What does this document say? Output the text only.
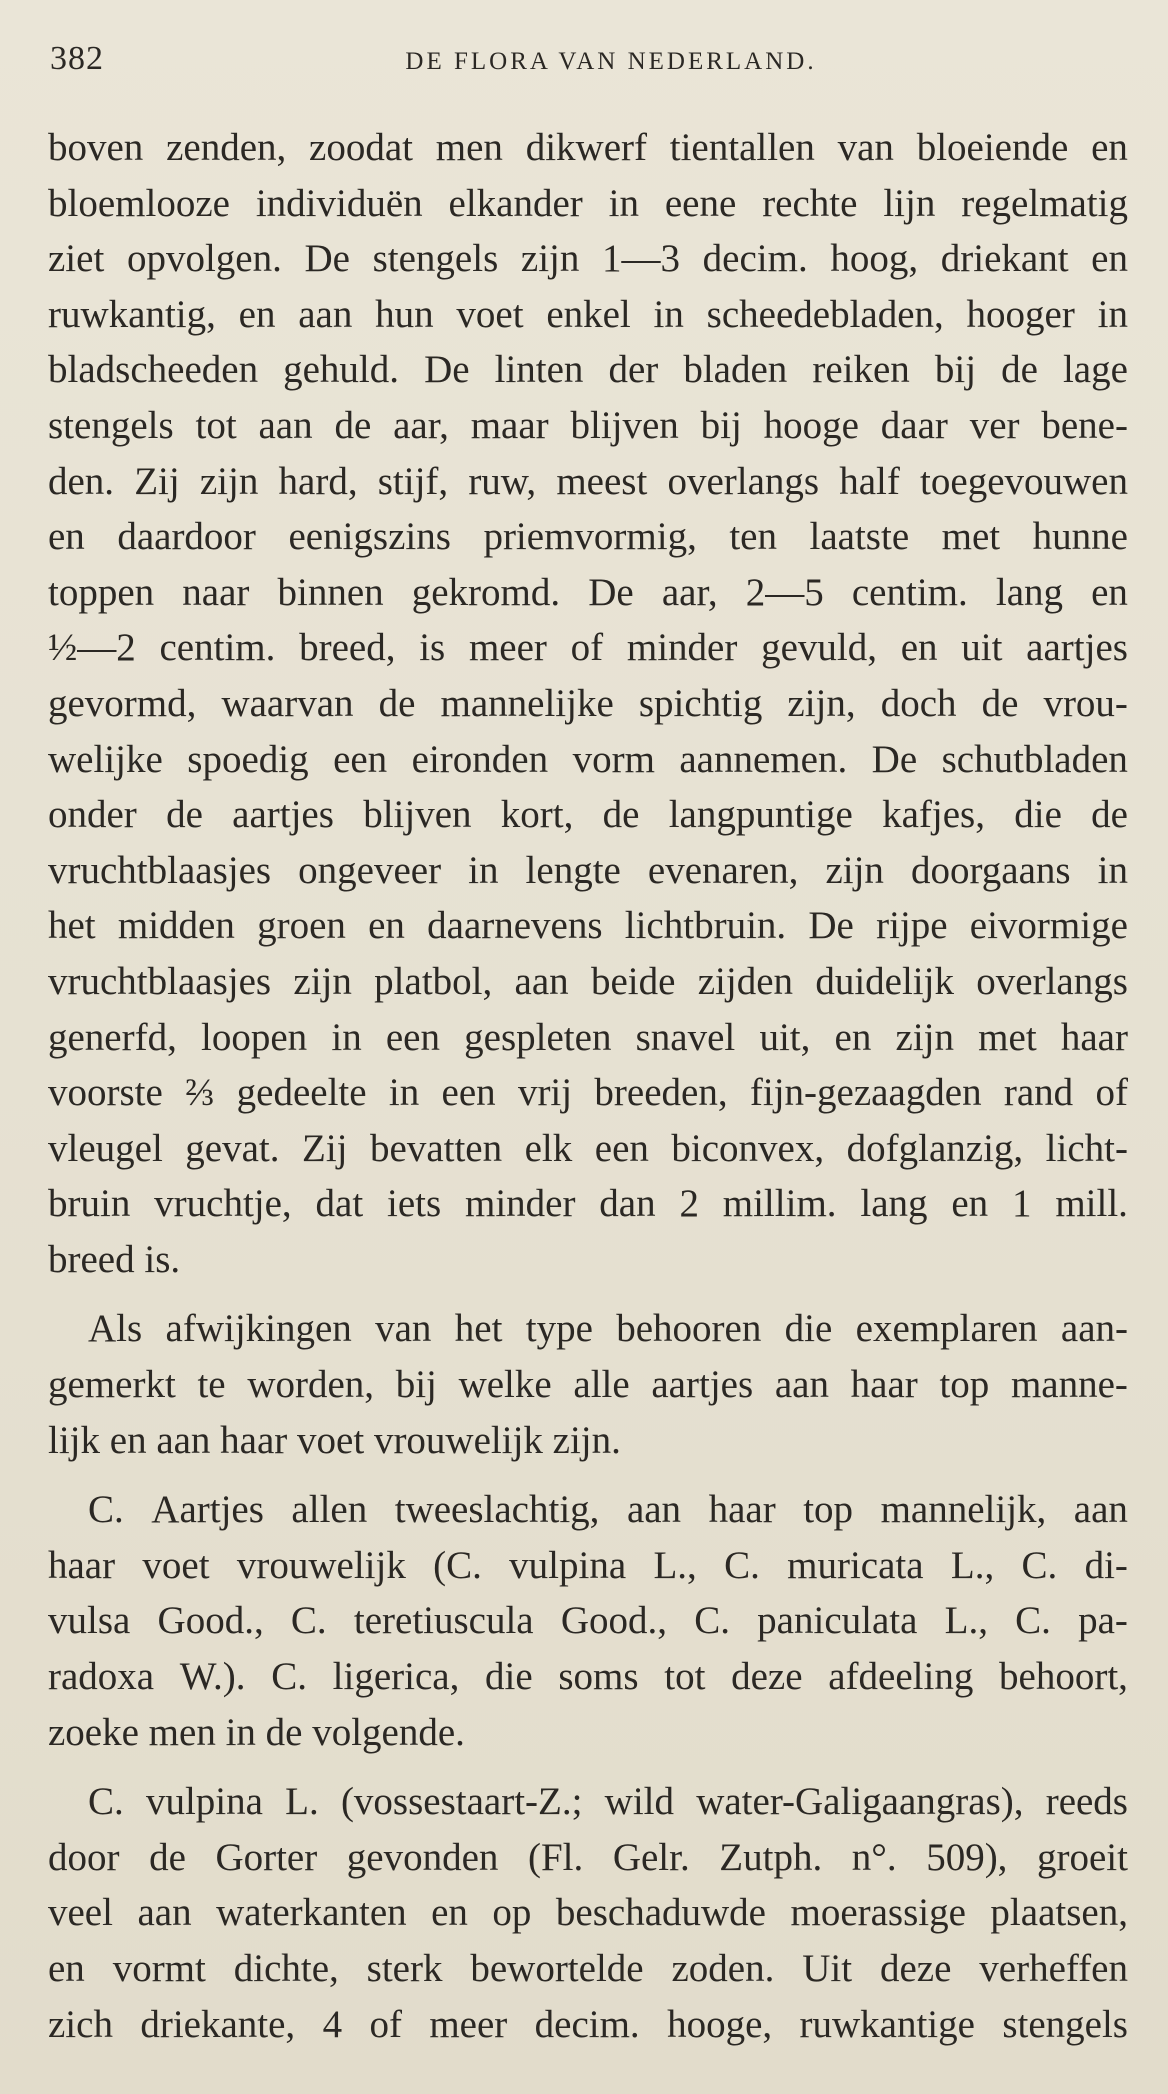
382	DE FLORA VAN NEDERLAND.
boven zenden, zoodat men dikwerf tientallen van bloeiende en
bloemlooze individuën elkander in eene rechte lijn regelmatig
ziet opvolgen. De stengels zijn 1—3 decim. hoog, driekant en
ruwkantig, en aan hun voet enkel in scheedebladen, hooger in
bladscheeden gehuld. De linten der bladen reiken bij de lage
stengels tot aan de aar, maar blijven bij hooge daar ver bene-
den. Zij zijn hard, stijf, ruw, meest overlangs half toegevouwen
en daardoor eenigszins priemvormig, ten laatste met hunne
toppen naar binnen gekromd. De aar, 2—5 centim. lang en
½—2 centim. breed, is meer of minder gevuld, en uit aartjes
gevormd, waarvan de mannelijke spichtig zijn, doch de vrou-
welijke spoedig een eironden vorm aannemen. De schutbladen
onder de aartjes blijven kort, de langpuntige kafjes, die de
vruchtblaasjes ongeveer in lengte evenaren, zijn doorgaans in
het midden groen en daarnevens lichtbruin. De rijpe eivormige
vruchtblaasjes zijn platbol, aan beide zijden duidelijk overlangs
generfd, loopen in een gespleten snavel uit, en zijn met haar
voorste ⅔ gedeelte in een vrij breeden, fijn-gezaagden rand of
vleugel gevat. Zij bevatten elk een biconvex, dofglanzig, licht-
bruin vruchtje, dat iets minder dan 2 millim. lang en 1 mill.
breed is.
Als afwijkingen van het type behooren die exemplaren aan-
gemerkt te worden, bij welke alle aartjes aan haar top manne-
lijk en aan haar voet vrouwelijk zijn.
C. Aartjes allen tweeslachtig, aan haar top mannelijk, aan
haar voet vrouwelijk (C. vulpina L., C. muricata L., C. di-
vulsa Good., C. teretiuscula Good., C. paniculata L., C. pa-
radoxa W.). C. ligerica, die soms tot deze afdeeling behoort,
zoeke men in de volgende.
C. vulpina L. (vossestaart-Z.; wild water-Galigaangras), reeds
door de Gorter gevonden (Fl. Gelr. Zutph. n°. 509), groeit
veel aan waterkanten en op beschaduwde moerassige plaatsen,
en vormt dichte, sterk bewortelde zoden. Uit deze verheffen
zich driekante, 4 of meer decim. hooge, ruwkantige stengels
